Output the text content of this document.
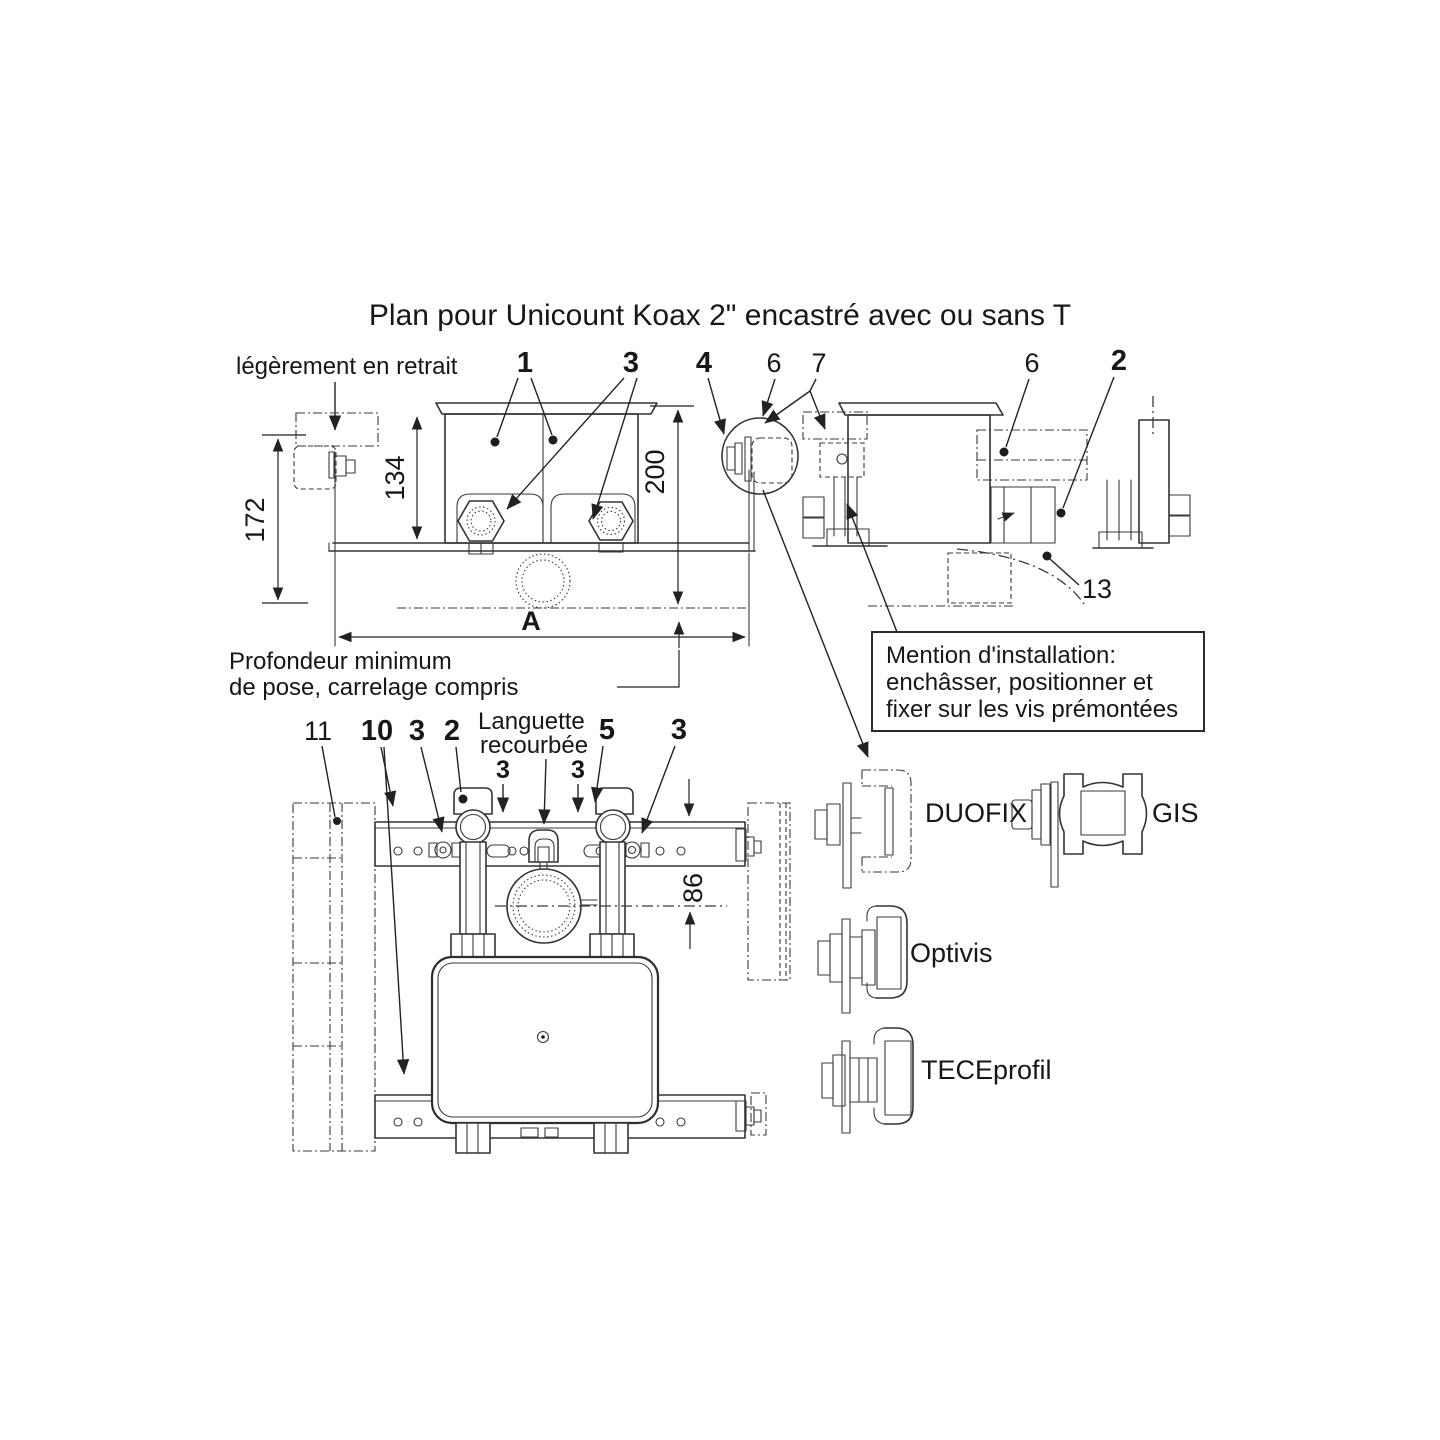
Plan pour Unicount Koax 2" encastré avec ou sans T
légèrement en retrait 1	3
134	200
172
A
Profondeur minimum
de pose, carrelage compris
4 6 7	6 2
13
Mention d'installation:
enchâsser, positionner et
fixer sur les vis prémontées
86
11 10 3 2 Languette
recourbée
3 3
5 3
DUOFIX	GIS
Optivis
TECEprofil
